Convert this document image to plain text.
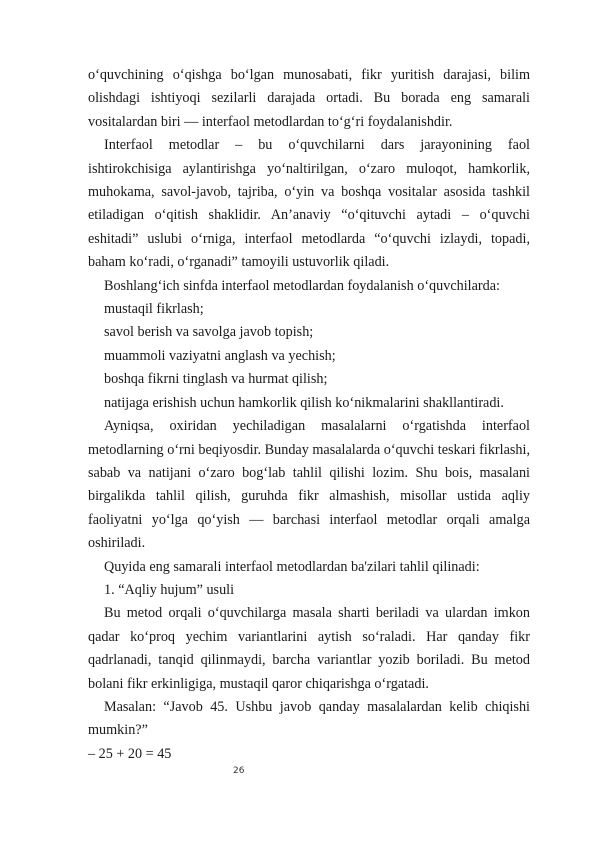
o‘quvchining o‘qishga bo‘lgan munosabati, fikr yuritish darajasi, bilim olishdagi ishtiyoqi sezilarli darajada ortadi. Bu borada eng samarali vositalardan biri — interfaol metodlardan to‘g‘ri foydalanishdir.

Interfaol metodlar – bu o‘quvchilarni dars jarayonining faol ishtirokchisiga aylantirishga yo‘naltirilgan, o‘zaro muloqot, hamkorlik, muhokama, savol-javob, tajriba, o‘yin va boshqa vositalar asosida tashkil etiladigan o‘qitish shaklidir. An’anaviy “o‘qituvchi aytadi – o‘quvchi eshitadi” uslubi o‘rniga, interfaol metodlarda “o‘quvchi izlaydi, topadi, baham ko‘radi, o‘rganadi” tamoyili ustuvorlik qiladi.

Boshlang‘ich sinfda interfaol metodlardan foydalanish o‘quvchilarda:

mustaqil fikrlash;

savol berish va savolga javob topish;

muammoli vaziyatni anglash va yechish;

boshqa fikrni tinglash va hurmat qilish;

natijaga erishish uchun hamkorlik qilish ko‘nikmalarini shakllantiradi.

Ayniqsa, oxiridan yechiladigan masalalarni o‘rgatishda interfaol metodlarning o‘rni beqiyosdir. Bunday masalalarda o‘quvchi teskari fikrlashi, sabab va natijani o‘zaro bog‘lab tahlil qilishi lozim. Shu bois, masalani birgalikda tahlil qilish, guruhda fikr almashish, misollar ustida aqliy faoliyatni yo‘lga qo‘yish — barchasi interfaol metodlar orqali amalga oshiriladi.

Quyida eng samarali interfaol metodlardan ba'zilari tahlil qilinadi:

1. “Aqliy hujum” usuli

Bu metod orqali o‘quvchilarga masala sharti beriladi va ulardan imkon qadar ko‘proq yechim variantlarini aytish so‘raladi. Har qanday fikr qadrlanadi, tanqid qilinmaydi, barcha variantlar yozib boriladi. Bu metod bolani fikr erkinligiga, mustaqil qaror chiqarishga o‘rgatadi.

Masalan: “Javob 45. Ushbu javob qanday masalalardan kelib chiqishi mumkin?”

– 25 + 20 = 45

26
